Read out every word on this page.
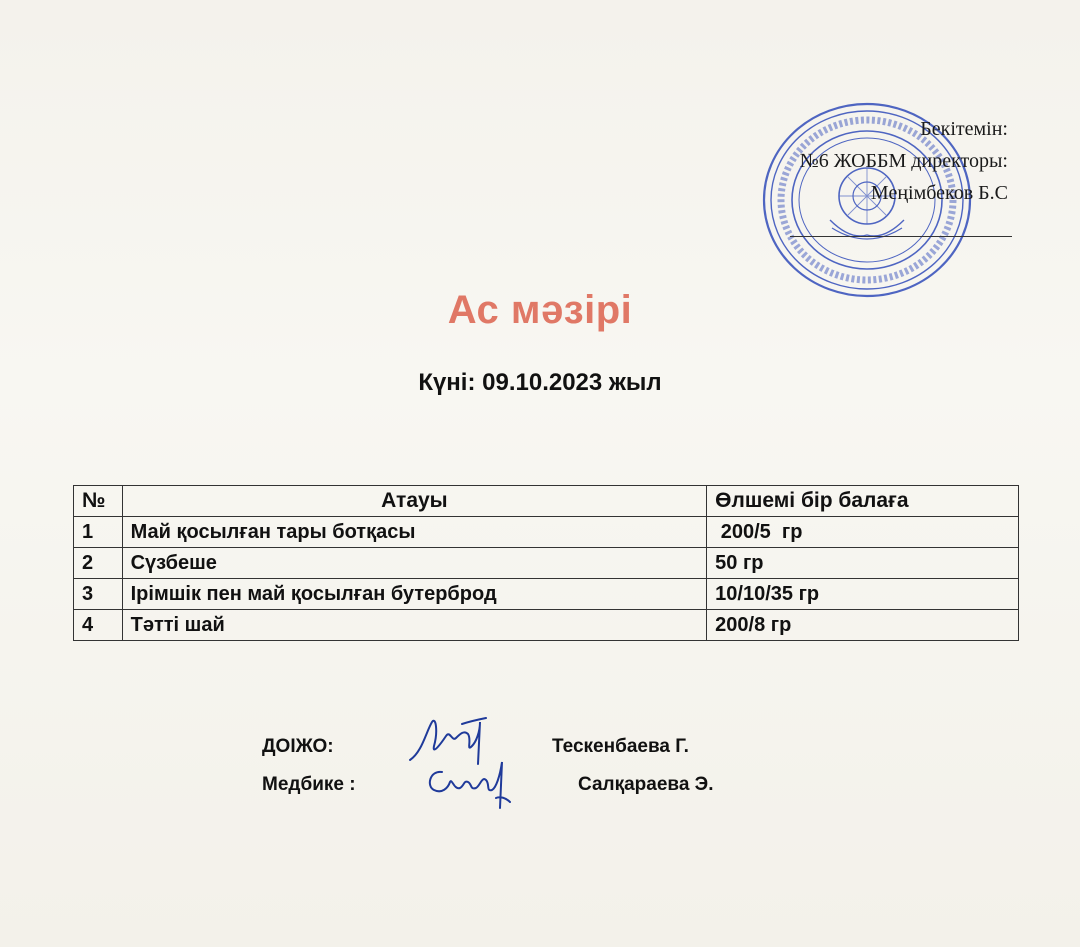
Бекітемін:
№6 ЖОББМ директоры:
Меңімбеков Б.С
Ас мәзірі
Күні: 09.10.2023 жыл
№	Атауы	Өлшемі бір балаға
1	Май қосылған тары ботқасы	200/5  гр
2	Сүзбеше	50 гр
3	Ірімшік пен май қосылған бутерброд	10/10/35 гр
4	Тәтті шай	200/8 гр
ДОІЖО:	Тескенбаева Г.
Медбике :	Салқараева Э.
